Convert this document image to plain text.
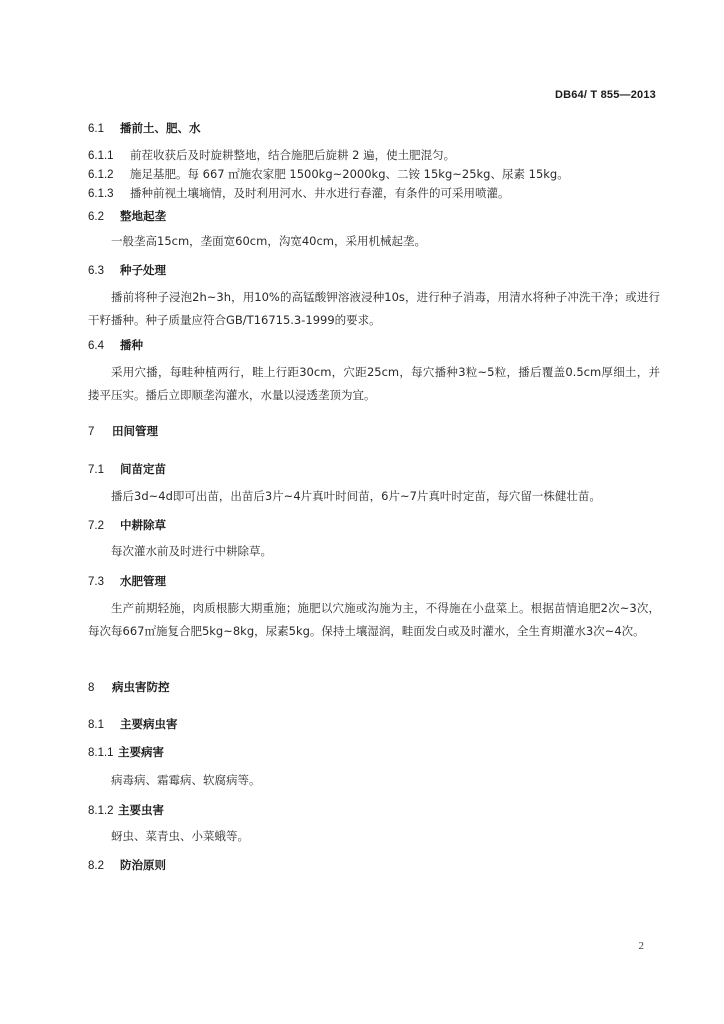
DB64/ T 855—2013
6.1 播前土、肥、水
6.1.1 前茬收获后及时旋耕整地，结合施肥后旋耕 2 遍，使土肥混匀。
6.1.2 施足基肥。每 667 ㎡施农家肥 1500kg~2000kg、二铵 15kg~25kg、尿素 15kg。
6.1.3 播种前视土壤墒情，及时利用河水、井水进行春灌，有条件的可采用喷灌。
6.2 整地起垄
一般垄高15cm，垄面宽60cm，沟宽40cm，采用机械起垄。
6.3 种子处理
播前将种子浸泡2h~3h，用10%的高锰酸钾溶液浸种10s，进行种子消毒，用清水将种子冲洗干净；或进行干籽播种。种子质量应符合GB/T16715.3-1999的要求。
6.4 播种
采用穴播，每畦种植两行，畦上行距30cm，穴距25cm，每穴播种3粒~5粒，播后覆盖0.5cm厚细土，并搂平压实。播后立即顺垄沟灌水，水量以浸透垄顶为宜。
7 田间管理
7.1 间苗定苗
播后3d~4d即可出苗，出苗后3片~4片真叶时间苗，6片~7片真叶时定苗，每穴留一株健壮苗。
7.2 中耕除草
每次灌水前及时进行中耕除草。
7.3 水肥管理
生产前期轻施，肉质根膨大期重施；施肥以穴施或沟施为主，不得施在小盘菜上。根据苗情追肥2次~3次，每次每667㎡施复合肥5kg~8kg，尿素5kg。保持土壤湿润，畦面发白或及时灌水，全生育期灌水3次~4次。
8 病虫害防控
8.1 主要病虫害
8.1.1 主要病害
病毒病、霜霉病、软腐病等。
8.1.2 主要虫害
蚜虫、菜青虫、小菜蛾等。
8.2 防治原则
2
